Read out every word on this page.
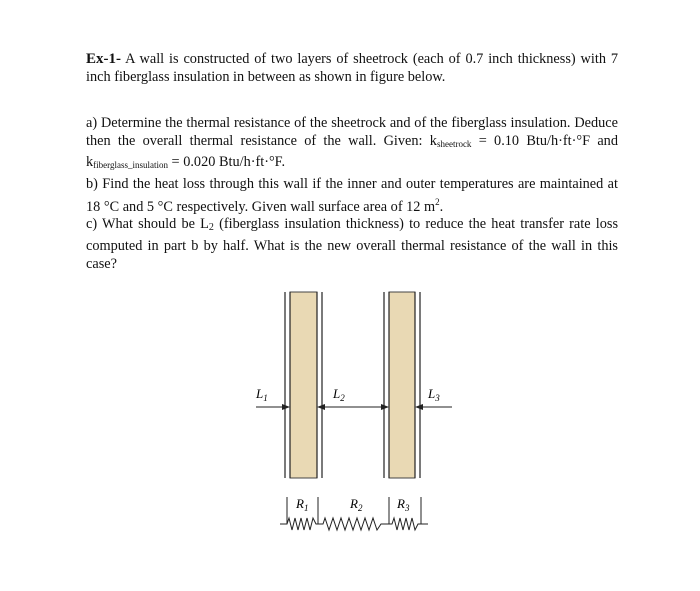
Ex-1- A wall is constructed of two layers of sheetrock (each of 0.7 inch thickness) with 7 inch fiberglass insulation in between as shown in figure below.

a) Determine the thermal resistance of the sheetrock and of the fiberglass insulation. Deduce then the overall thermal resistance of the wall. Given: $k_{sheetrock} = 0.10$ Btu/h·ft·°F and $k_{fiberglass\_insulation} = 0.020$ Btu/h·ft·°F.

b) Find the heat loss through this wall if the inner and outer temperatures are maintained at 18 °C and 5 °C respectively. Given wall surface area of 12 $m^2$.

c) What should be $L_2$ (fiberglass insulation thickness) to reduce the heat transfer rate loss computed in part b by half. What is the new overall thermal resistance of the wall in this case?

$L_1$	$L_2$	$L_3$
$R_1$	$R_2$	$R_3$
